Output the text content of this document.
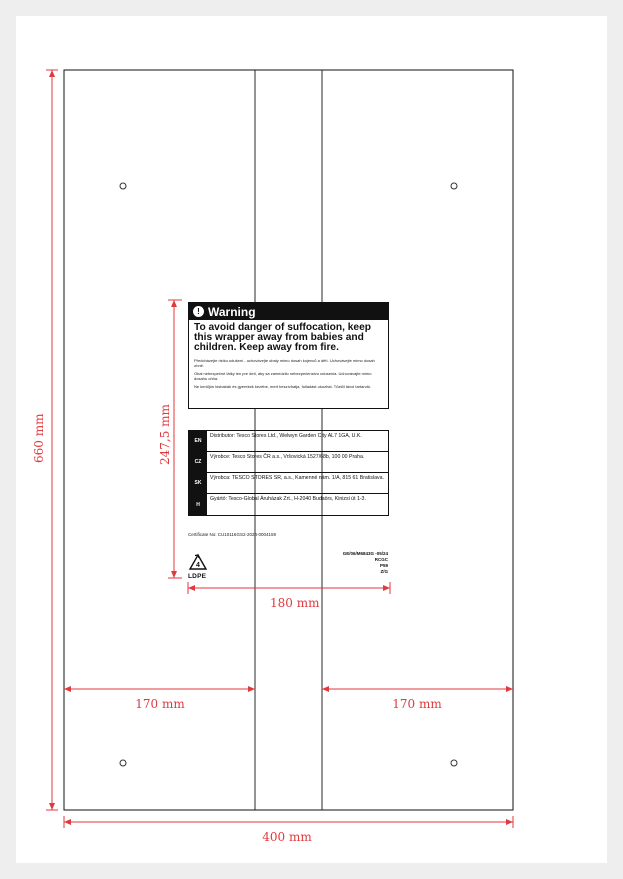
660 mm	247,5 mm
180 mm
170 mm	170 mm
400 mm
! Warning
To avoid danger of suffocation, keep this wrapper away from babies and children. Keep away from fire.
Předcházejte riziku udušení - uchovávejte obaly mimo dosah kojenců a dětí. Uchovávejte mimo dosah ohně.
Obal nebezpečné látky len pre deti, aby sa zamedzilo nebezpečenstvu udusenia. Uchovávajte mimo dosahu ohňa.
Ne kerüljön kisbabák és gyerekek kezébe, mert beszívhatja, fulladást okozhat. Tűztől távol tartandó.
EN
Distributor: Tesco Stores Ltd., Welwyn Garden City AL7 1GA, U.K.
CZ
Výrobce: Tesco Stores ČR a.s., Vršovická 1527/68b, 100 00 Praha.
SK
Výrobca: TESCO STORES SR, a.s., Kamenné nám. 1/A, 815 61 Bratislava.
H
Gyártó: Tesco-Global Áruházak Zrt., H-2040 Budaörs, Kinizsi út 1-3.
Certificate No: CU10116GS2-2024-0004159
4
LDPE
GE/06/M6843G -05/24
RCGC
P59
Z/G
